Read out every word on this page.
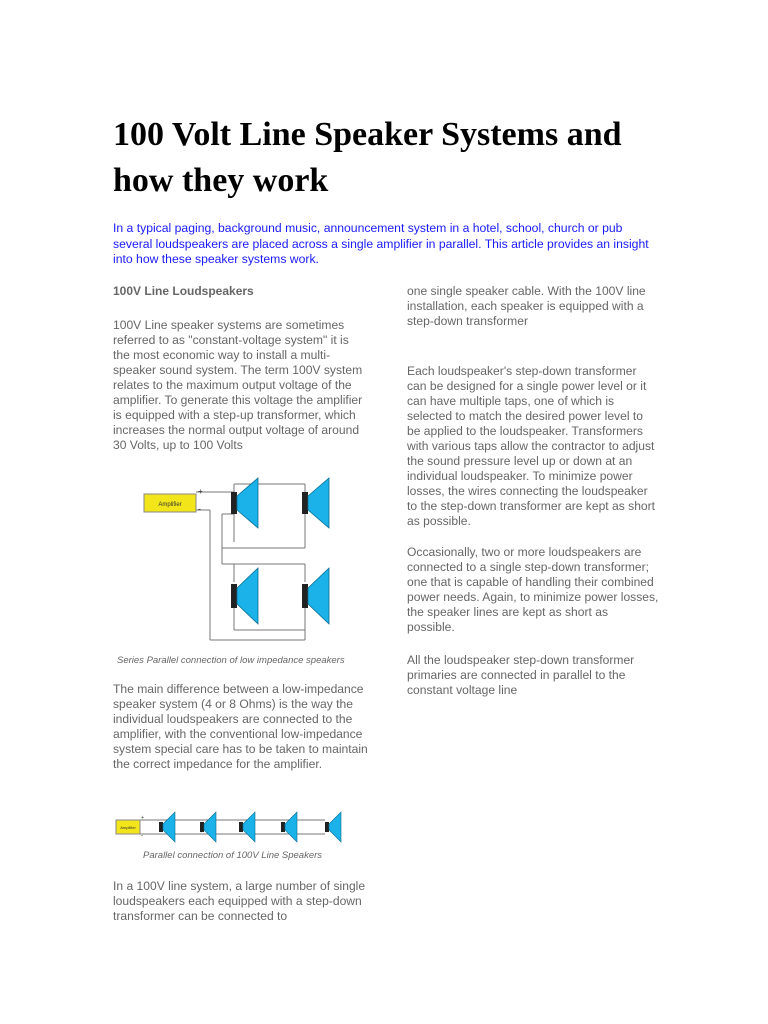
100 Volt Line Speaker Systems and how they work

In a typical paging, background music, announcement system in a hotel, school, church or pub several loudspeakers are placed across a single amplifier in parallel. This article provides an insight into how these speaker systems work.

100V Line Loudspeakers

100V Line speaker systems are sometimes referred to as "constant-voltage system" it is the most economic way to install a multi-speaker sound system. The term 100V system relates to the maximum output voltage of the amplifier. To generate this voltage the amplifier is equipped with a step-up transformer, which increases the normal output voltage of around 30 Volts, up to 100 Volts

Amplifier
+
-

Series Parallel connection of low impedance speakers

The main difference between a low-impedance speaker system (4 or 8 Ohms) is the way the individual loudspeakers are connected to the amplifier, with the conventional low-impedance system special care has to be taken to maintain the correct impedance for the amplifier.

Amplifier
+
-

Parallel connection of 100V Line Speakers

In a 100V line system, a large number of single loudspeakers each equipped with a step-down transformer can be connected to

one single speaker cable. With the 100V line installation, each speaker is equipped with a step-down transformer

Each loudspeaker's step-down transformer can be designed for a single power level or it can have multiple taps, one of which is selected to match the desired power level to be applied to the loudspeaker. Transformers with various taps allow the contractor to adjust the sound pressure level up or down at an individual loudspeaker. To minimize power losses, the wires connecting the loudspeaker to the step-down transformer are kept as short as possible.

Occasionally, two or more loudspeakers are connected to a single step-down transformer; one that is capable of handling their combined power needs. Again, to minimize power losses, the speaker lines are kept as short as possible.

All the loudspeaker step-down transformer primaries are connected in parallel to the constant voltage line
